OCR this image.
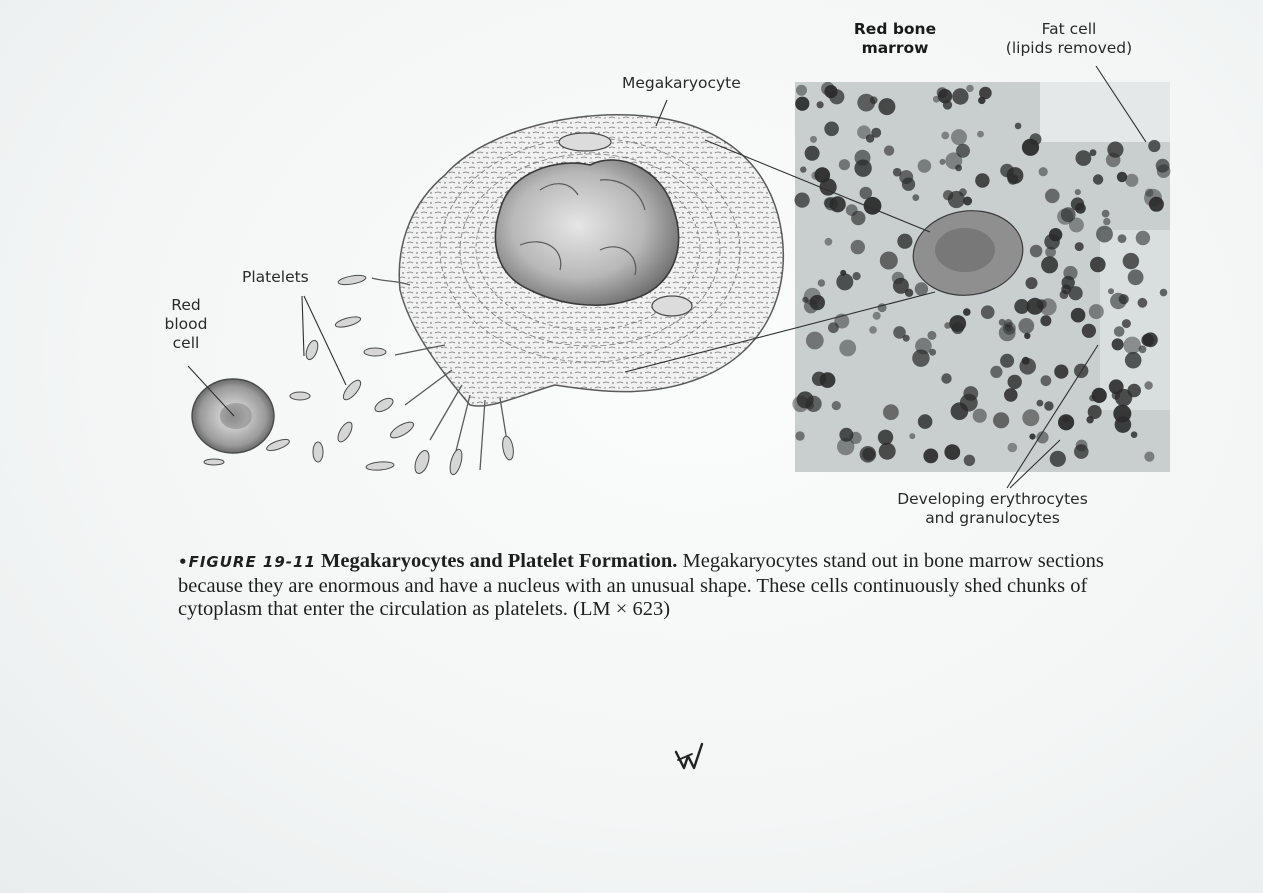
Red bone
marrow
Fat cell
(lipids removed)
Megakaryocyte
Platelets
Red
blood
cell
Developing erythrocytes
and granulocytes
•FIGURE 19-11 Megakaryocytes and Platelet Formation. Megakaryocytes stand out in bone marrow sections because they are enormous and have a nucleus with an unusual shape. These cells continuously shed chunks of cytoplasm that enter the circulation as platelets. (LM × 623)
